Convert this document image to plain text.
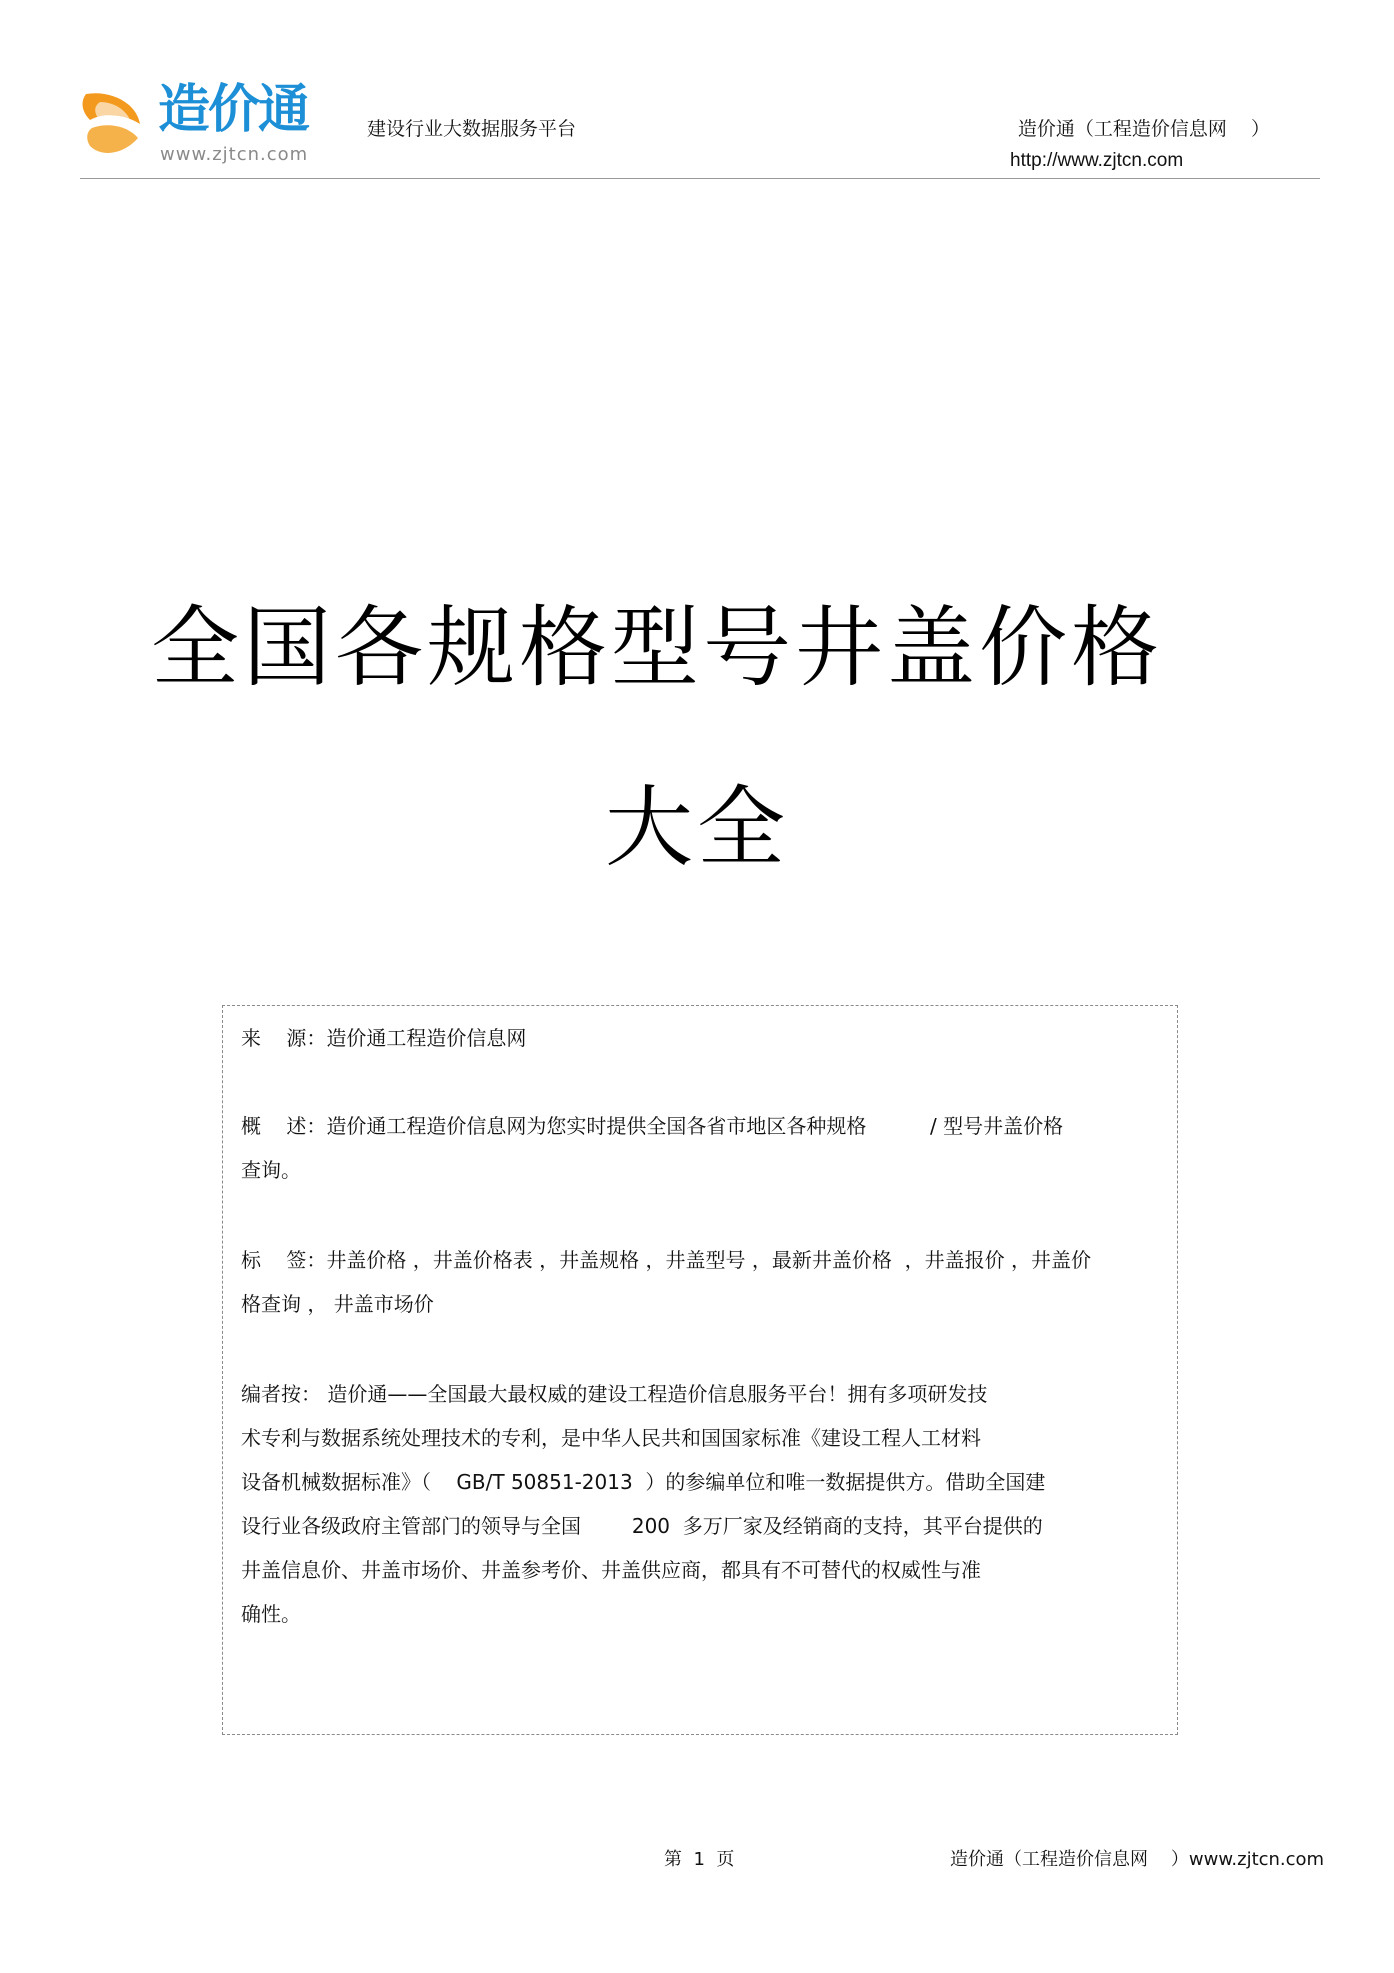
造价通
www.zjtcn.com
建设行业大数据服务平台	造价通（工程造价信息网    ）
http://www.zjtcn.com
全国各规格型号井盖价格
大全
来    源：造价通工程造价信息网
概    述：造价通工程造价信息网为您实时提供全国各省市地区各种规格          / 型号井盖价格
查询。
标    签：井盖价格 ，井盖价格表 ，井盖规格 ，井盖型号 ，最新井盖价格  ，井盖报价 ，井盖价
格查询 ， 井盖市场价
编者按： 造价通——全国最大最权威的建设工程造价信息服务平台！拥有多项研发技
术专利与数据系统处理技术的专利，是中华人民共和国国家标准《建设工程人工材料
设备机械数据标准》（    GB/T 50851-2013  ）的参编单位和唯一数据提供方。借助全国建
设行业各级政府主管部门的领导与全国        200  多万厂家及经销商的支持，其平台提供的
井盖信息价、井盖市场价、井盖参考价、井盖供应商，都具有不可替代的权威性与准
确性。
第  1  页	造价通（工程造价信息网    ）www.zjtcn.com
